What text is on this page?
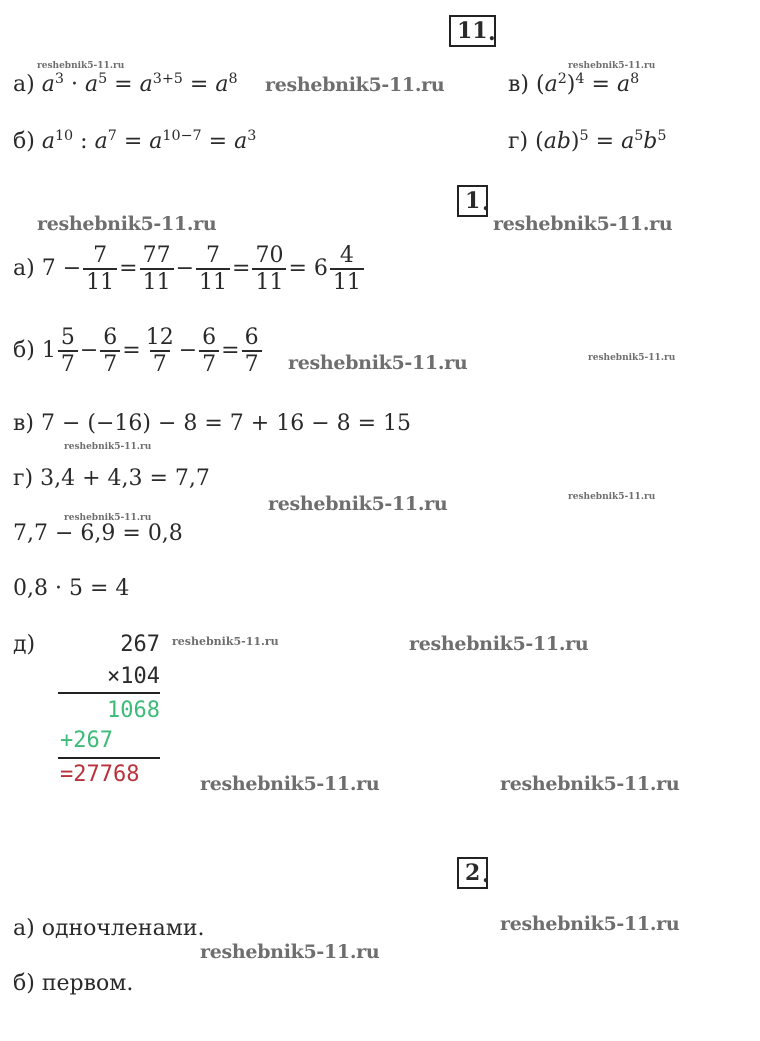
11 .
а) $a^3 \cdot a^5 = a^{3+5} = a^8$
б) $a^{10}$ : $a^7 = a^{10-7} = a^3$
в) $(a^2)^4 = a^8$
г) $(ab)^5 = a^5b^5$
1 .
а)
7
− $\frac{7}{11} = \frac{77}{11} - \frac{7}{11} = \frac{70}{11}$ =
$6 \frac{4}{11}$
б)
$1 \frac{5}{7} - \frac{6}{7} = \frac{12}{7} - \frac{6}{7} = \frac{6}{7}$
в) 7 − (−16) − 8 = 7 + 16 − 8 = 15
г) 3,4 + 4,3 = 7,7
7,7 − 6,9 = 0,8
0,8 · 5 = 4
д)	267
×104
1068
+267
=27768
2 .
а) одночленами.
б) первом.
reshebnik5-11.ru
reshebnik5-11.ru
reshebnik5-11.ru
reshebnik5-11.ru	reshebnik5-11.ru
reshebnik5-11.ru	reshebnik5-11.ru
reshebnik5-11.ru
reshebnik5-11.ru	reshebnik5-11.ru
reshebnik5-11.ru
reshebnik5-11.ru	reshebnik5-11.ru
reshebnik5-11.ru	reshebnik5-11.ru
reshebnik5-11.ru
reshebnik5-11.ru
